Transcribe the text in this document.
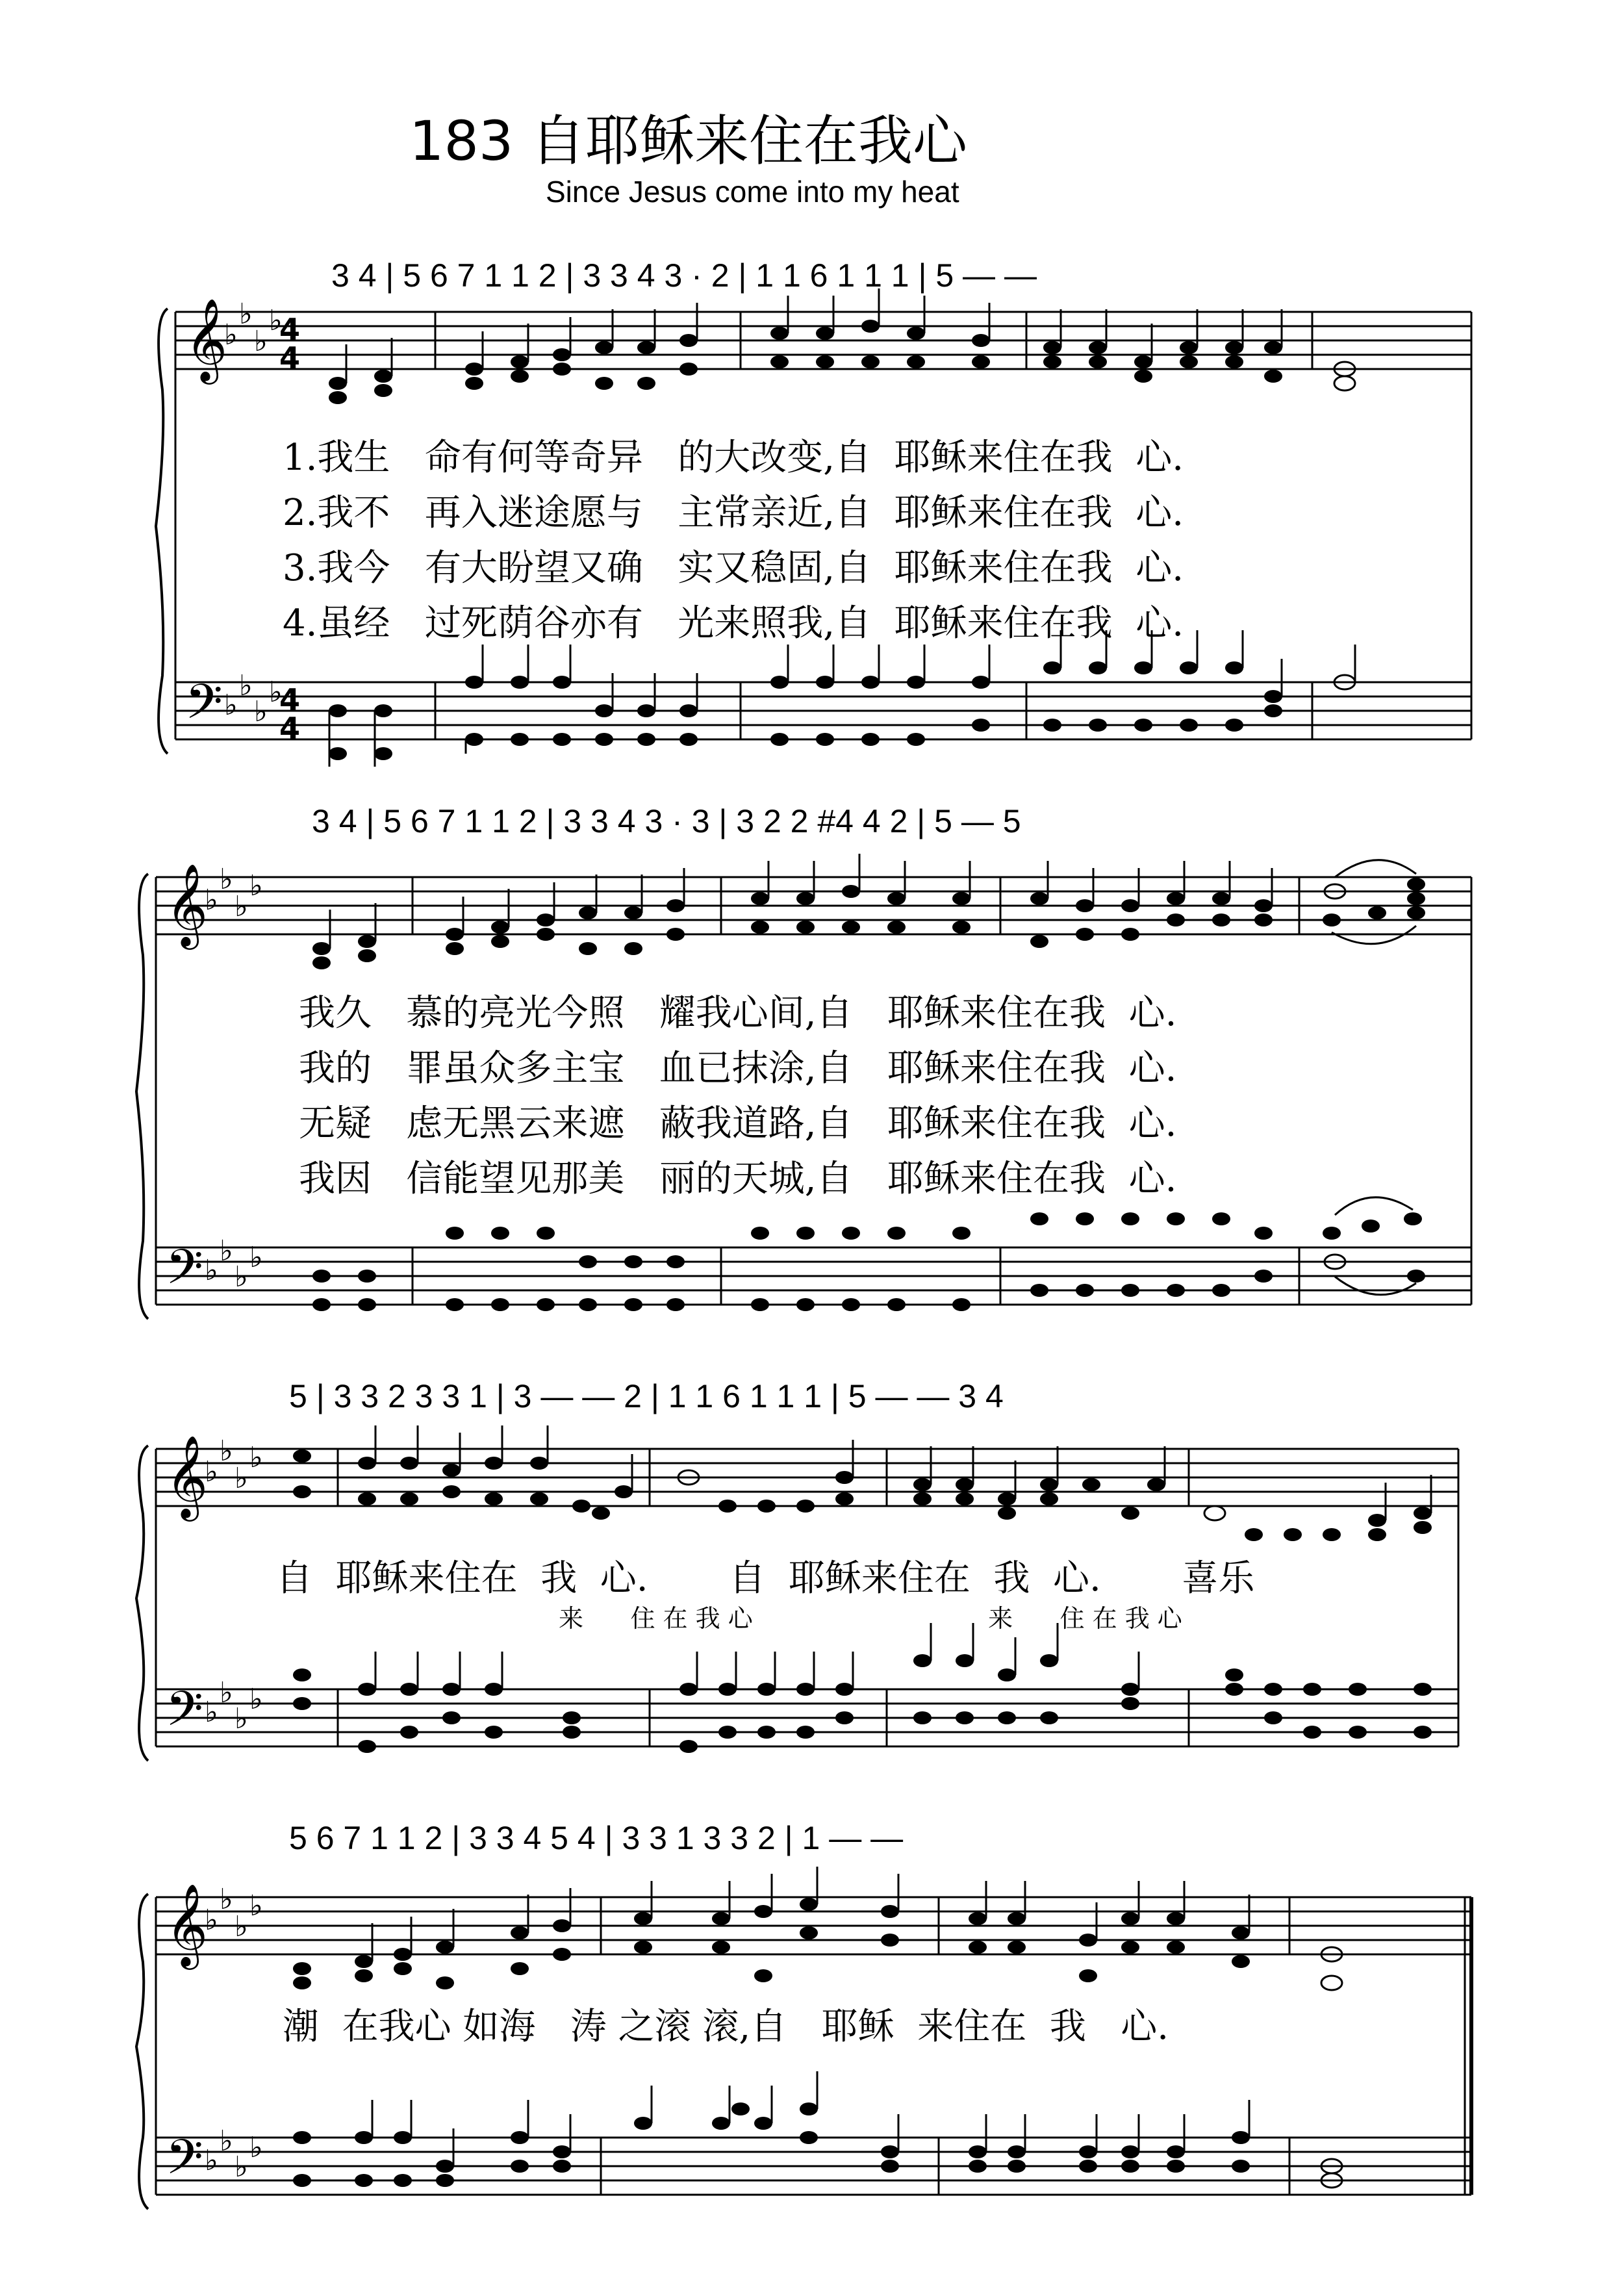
183 自耶稣来住在我心
Since Jesus come into my heat
3 4 | 5 6 7 1 1 2 | 3 3 4 3 · 2 | 1 1 6 1 1 1 | 5 — —
𝄞
𝄢
♭
♭
♭
♭
♭
♭
♭
♭
4
4
4
4
1.我生   命有何等奇异   的大改变,自  耶稣来住在我  心.
2.我不   再入迷途愿与   主常亲近,自  耶稣来住在我  心.
3.我今   有大盼望又确   实又稳固,自  耶稣来住在我  心.
4.虽经   过死荫谷亦有   光来照我,自  耶稣来住在我  心.
3 4 | 5 6 7 1 1 2 | 3 3 4 3 · 3 | 3 2 2 #4 4 2 | 5 — 5
𝄞
𝄢
♭
♭
♭
♭
♭
♭
♭
♭
我久   慕的亮光今照   耀我心间,自   耶稣来住在我  心.
我的   罪虽众多主宝   血已抹涂,自   耶稣来住在我  心.
无疑   虑无黑云来遮   蔽我道路,自   耶稣来住在我  心.
我因   信能望见那美   丽的天城,自   耶稣来住在我  心.
5 | 3 3 2 3 3 1 | 3 — — 2 | 1 1 6 1 1 1 | 5 — — 3 4
𝄞
𝄢
♭
♭
♭
♭
♭
♭
♭
♭
自  耶稣来住在  我  心.       自  耶稣来住在  我  心.       喜乐
来      住 在 我 心                              来      住 在 我 心
5 6 7 1 1 2 | 3 3 4 5 4 | 3 3 1 3 3 2 | 1 — —
𝄞
𝄢
♭
♭
♭
♭
♭
♭
♭
♭
潮  在我心 如海   涛 之滚 滚,自   耶稣  来住在  我   心.
